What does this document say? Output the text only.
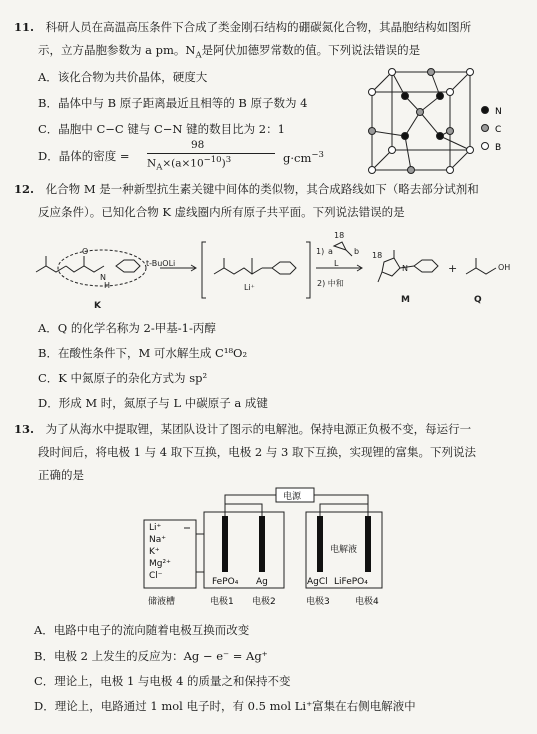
11. 科研人员在高温高压条件下合成了类金刚石结构的硼碳氮化合物，其晶胞结构如图所
示，立方晶胞参数为 a pm。$N_A$是阿伏加德罗常数的值。下列说法错误的是
A．该化合物为共价晶体，硬度大
B．晶体中与 B 原子距离最近且相等的 B 原子数为 4
C．晶胞中 C−C 键与 C−N 键的数目比为 2：1
D．晶体的密度 =
98
$N_A\times(a\times 10^{-10})^3$	$g\cdot cm^{-3}$
N
C
B
12. 化合物 M 是一种新型抗生素关键中间体的类似物，其合成路线如下（略去部分试剂和
反应条件）。已知化合物 K 虚线圈内所有原子共平面。下列说法错误的是
t-BuOLi
1)
2) 中和
L
Li⁺
18
18
a	b
O
N
H
N	OH
K
M	Q
+
A．Q 的化学名称为 2-甲基-1-丙醇
B．在酸性条件下，M 可水解生成 C¹⁸O₂
C．K 中氮原子的杂化方式为 sp²
D．形成 M 时，氮原子与 L 中碳原子 a 成键
13. 为了从海水中提取锂，某团队设计了图示的电解池。保持电源正负极不变，每运行一
段时间后，将电极 1 与 4 取下互换，电极 2 与 3 取下互换，实现锂的富集。下列说法
正确的是
电源
Li⁺
Na⁺
K⁺
Mg²⁺
Cl⁻
电解液
FePO₄ Ag	AgCl LiFePO₄
储液槽	电极1 电极2	电极3	电极4
A．电路中电子的流向随着电极互换而改变
B．电极 2 上发生的反应为：Ag − e⁻ = Ag⁺
C．理论上，电极 1 与电极 4 的质量之和保持不变
D．理论上，电路通过 1 mol 电子时，有 0.5 mol Li⁺富集在右侧电解液中
